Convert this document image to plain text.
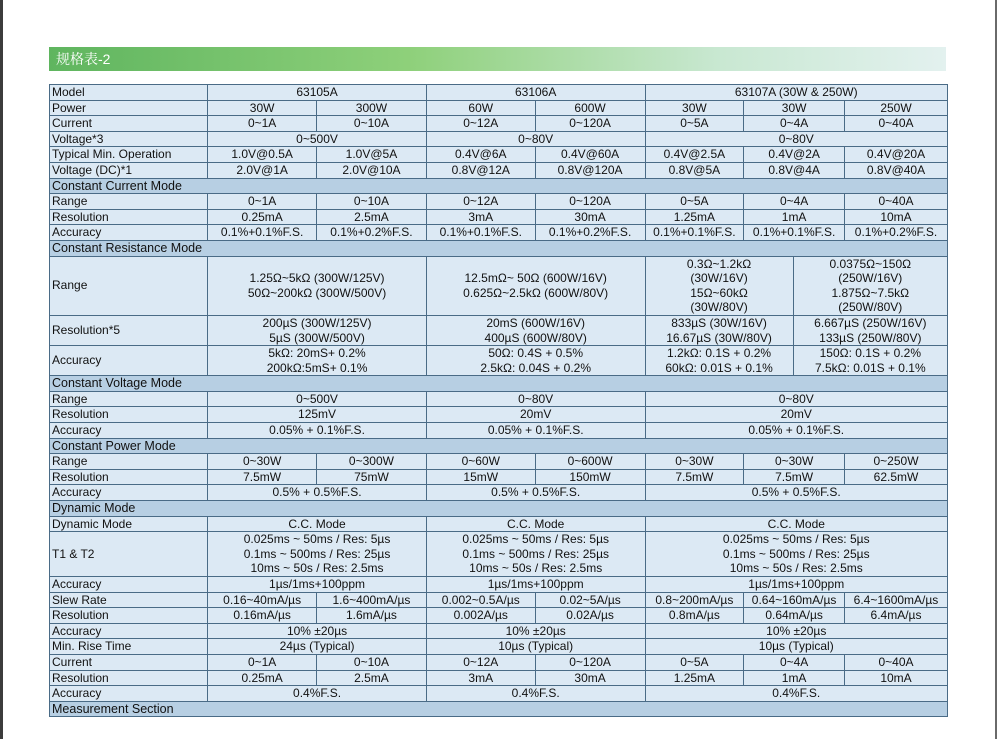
规格表-2
Model	63105A		63106A		63107A (30W & 250W)			

Power	30W	300W	60W	600W	30W	30W		250W

Current	0~1A	0~10A	0~12A	0~120A	0~5A	0~4A		0~40A

Voltage*3	0~500V		0~80V		0~80V			

Typical Min. Operation	1.0V@0.5A	1.0V@5A	0.4V@6A	0.4V@60A	0.4V@2.5A	0.4V@2A		0.4V@20A

Voltage (DC)*1	2.0V@1A	2.0V@10A	0.8V@12A	0.8V@120A	0.8V@5A	0.8V@4A		0.8V@40A

Constant Current Mode								

Range	0~1A	0~10A	0~12A	0~120A	0~5A	0~4A		0~40A

Resolution	0.25mA	2.5mA	3mA	30mA	1.25mA	1mA		10mA

Accuracy	0.1%+0.1%F.S.	0.1%+0.2%F.S.	0.1%+0.1%F.S.	0.1%+0.2%F.S.	0.1%+0.1%F.S.	0.1%+0.1%F.S.		0.1%+0.2%F.S.

Constant Resistance Mode								

Range	1.25Ω~5kΩ (300W/125V)
50Ω~200kΩ (300W/500V)		12.5mΩ~ 50Ω (600W/16V)
0.625Ω~2.5kΩ (600W/80V)		0.3Ω~1.2kΩ
(30W/16V)
15Ω~60kΩ
(30W/80V)		0.0375Ω~150Ω
(250W/16V)
1.875Ω~7.5kΩ
(250W/80V)	

Resolution*5	200µS (300W/125V)
5µS (300W/500V)		20mS (600W/16V)
400µS (600W/80V)		833µS (30W/16V)
16.67µS (30W/80V)		6.667µS (250W/16V)
133µS (250W/80V)	

Accuracy	5kΩ: 20mS+ 0.2%
200kΩ:5mS+ 0.1%		50Ω: 0.4S + 0.5%
2.5kΩ: 0.04S + 0.2%		1.2kΩ: 0.1S + 0.2%
60kΩ: 0.01S + 0.1%		150Ω: 0.1S + 0.2%
7.5kΩ: 0.01S + 0.1%	

Constant Voltage Mode								

Range	0~500V		0~80V		0~80V			

Resolution	125mV		20mV		20mV			

Accuracy	0.05% + 0.1%F.S.		0.05% + 0.1%F.S.		0.05% + 0.1%F.S.			

Constant Power Mode								

Range	0~30W	0~300W	0~60W	0~600W	0~30W	0~30W		0~250W

Resolution	7.5mW	75mW	15mW	150mW	7.5mW	7.5mW		62.5mW

Accuracy	0.5% + 0.5%F.S.		0.5% + 0.5%F.S.		0.5% + 0.5%F.S.			

Dynamic Mode								

Dynamic Mode	C.C. Mode		C.C. Mode		C.C. Mode			

T1 & T2	0.025ms ~ 50ms / Res: 5µs
0.1ms ~ 500ms / Res: 25µs
10ms ~ 50s / Res: 2.5ms		0.025ms ~ 50ms / Res: 5µs
0.1ms ~ 500ms / Res: 25µs
10ms ~ 50s / Res: 2.5ms		0.025ms ~ 50ms / Res: 5µs
0.1ms ~ 500ms / Res: 25µs
10ms ~ 50s / Res: 2.5ms			

Accuracy	1µs/1ms+100ppm		1µs/1ms+100ppm		1µs/1ms+100ppm			

Slew Rate	0.16~40mA/µs	1.6~400mA/µs	0.002~0.5A/µs	0.02~5A/µs	0.8~200mA/µs	0.64~160mA/µs		6.4~1600mA/µs

Resolution	0.16mA/µs	1.6mA/µs	0.002A/µs	0.02A/µs	0.8mA/µs	0.64mA/µs		6.4mA/µs

Accuracy	10% ±20µs		10% ±20µs		10% ±20µs			

Min. Rise Time	24µs (Typical)		10µs (Typical)		10µs (Typical)			

Current	0~1A	0~10A	0~12A	0~120A	0~5A	0~4A		0~40A

Resolution	0.25mA	2.5mA	3mA	30mA	1.25mA	1mA		10mA

Accuracy	0.4%F.S.		0.4%F.S.		0.4%F.S.			

Measurement Section								
